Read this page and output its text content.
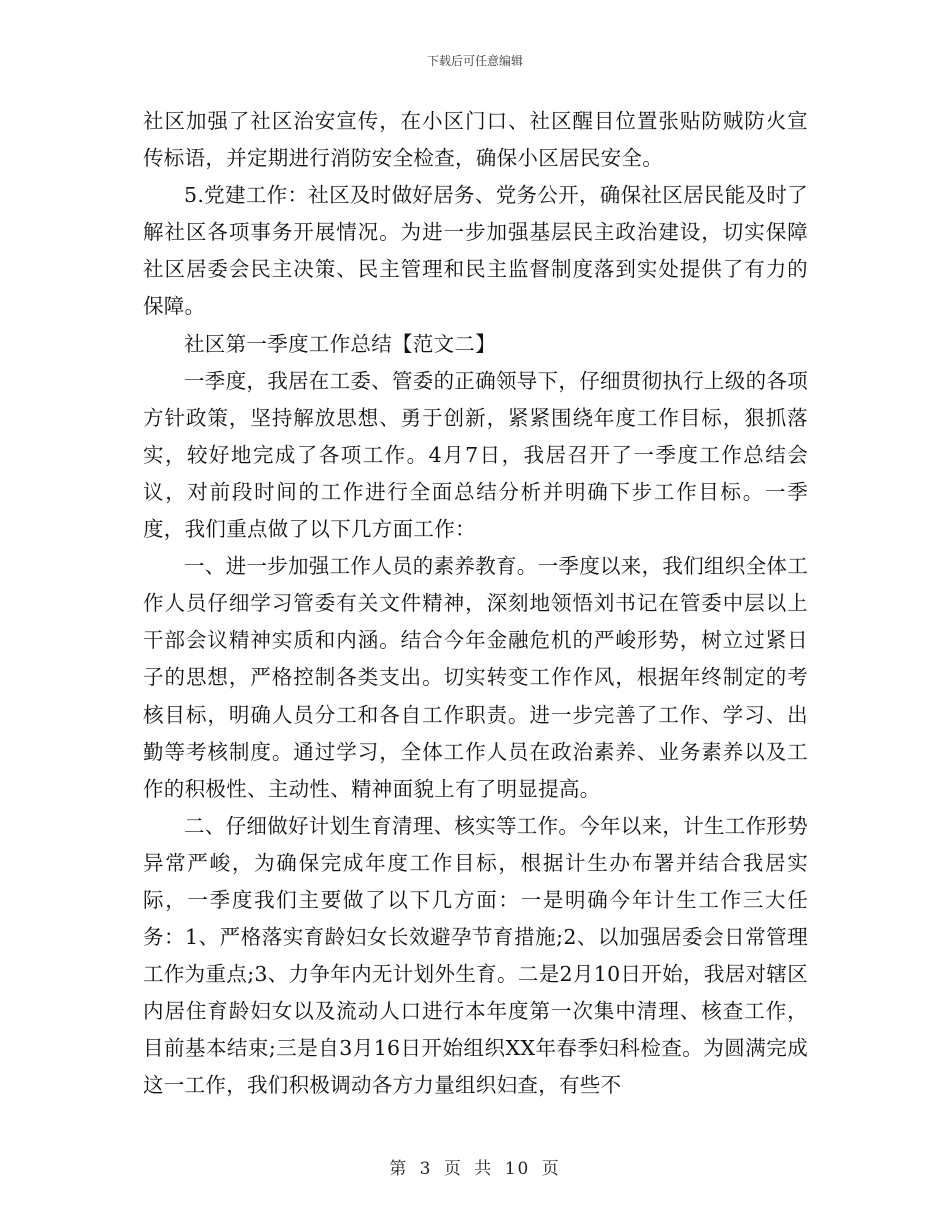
下载后可任意编辑

社区加强了社区治安宣传，在小区门口、社区醒目位置张贴防贼防火宣传标语，并定期进行消防安全检查，确保小区居民安全。

5.党建工作：社区及时做好居务、党务公开，确保社区居民能及时了解社区各项事务开展情况。为进一步加强基层民主政治建设，切实保障社区居委会民主决策、民主管理和民主监督制度落到实处提供了有力的保障。

社区第一季度工作总结【范文二】

一季度，我居在工委、管委的正确领导下，仔细贯彻执行上级的各项方针政策，坚持解放思想、勇于创新，紧紧围绕年度工作目标，狠抓落实，较好地完成了各项工作。4月7日，我居召开了一季度工作总结会议，对前段时间的工作进行全面总结分析并明确下步工作目标。一季度，我们重点做了以下几方面工作：

一、进一步加强工作人员的素养教育。一季度以来，我们组织全体工作人员仔细学习管委有关文件精神，深刻地领悟刘书记在管委中层以上干部会议精神实质和内涵。结合今年金融危机的严峻形势，树立过紧日子的思想，严格控制各类支出。切实转变工作作风，根据年终制定的考核目标，明确人员分工和各自工作职责。进一步完善了工作、学习、出勤等考核制度。通过学习，全体工作人员在政治素养、业务素养以及工作的积极性、主动性、精神面貌上有了明显提高。

二、仔细做好计划生育清理、核实等工作。今年以来，计生工作形势异常严峻，为确保完成年度工作目标，根据计生办布署并结合我居实际，一季度我们主要做了以下几方面：一是明确今年计生工作三大任务：1、严格落实育龄妇女长效避孕节育措施;2、以加强居委会日常管理工作为重点;3、力争年内无计划外生育。二是2月10日开始，我居对辖区内居住育龄妇女以及流动人口进行本年度第一次集中清理、核查工作，目前基本结束;三是自3月16日开始组织XX年春季妇科检查。为圆满完成这一工作，我们积极调动各方力量组织妇查，有些不

第 3 页 共 10 页
